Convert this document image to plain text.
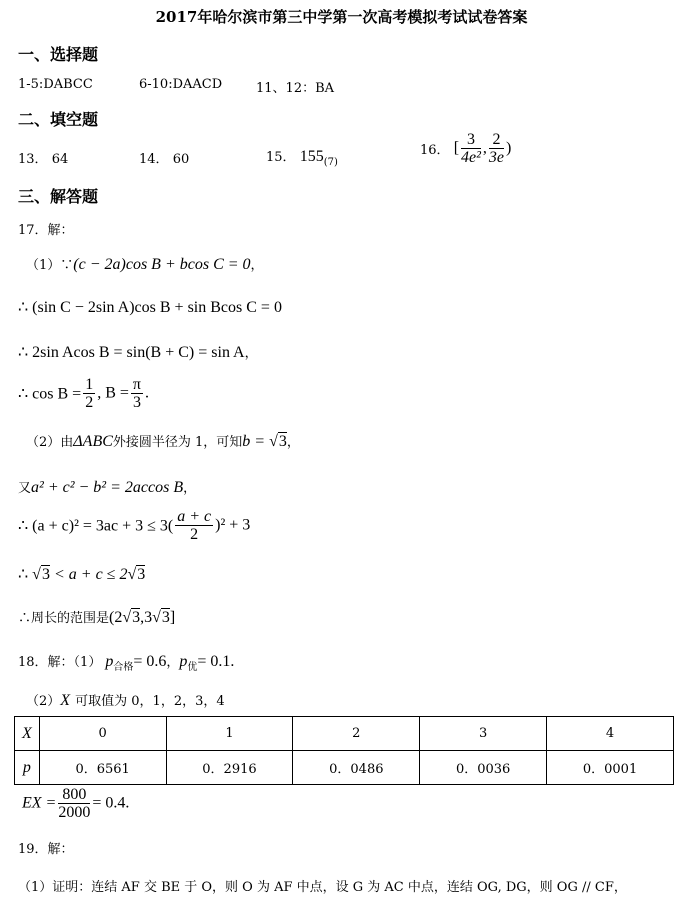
2017年哈尔滨市第三中学第一次高考模拟考试试卷答案
一、选择题
1-5:DABCC	6-10:DAACD	11、12：BA
二、填空题
13． 64	14． 60	15． $155_{(7)}$
16． [ $\frac{3}{\text{4e²}}$ , $\frac{2}{3e}$ )
三、解答题
17．解：
（1）∵(c − 2a)cos B + bcos C = 0，
∴ (sin C − 2sin A)cos B + sin Bcos C = 0
∴ 2sin Acos B = sin(B + C) = sin A，
∴ $\cos B = \frac{1}{2}$ , $B = \frac{\pi}{3}$ .
（2）由ΔABC外接圆半径为 1，可知b = √3，
又a² + c² − b² = 2accos B，
∴ $(a + c)^2 = 3ac + 3 \le 3( \frac{a + c}{2} )^2 + 3$
∴ √3 < a + c ≤ 2√3
∴周长的范围是(2√3,3√3]
18．解：（1） $p_{合格}= 0.6$，$p_优= 0.1$.
（2）X 可取值为 0，1，2，3，4
X	0	1	2	3	4
p	0．6561	0．2916	0．0486	0．0036	0．0001
EX = $\frac{800}{2000} = 0.4$.
19．解：
（1）证明：连结 AF 交 BE 于 O，则 O 为 AF 中点，设 G 为 AC 中点，连结 OG, DG，则 OG // CF，
